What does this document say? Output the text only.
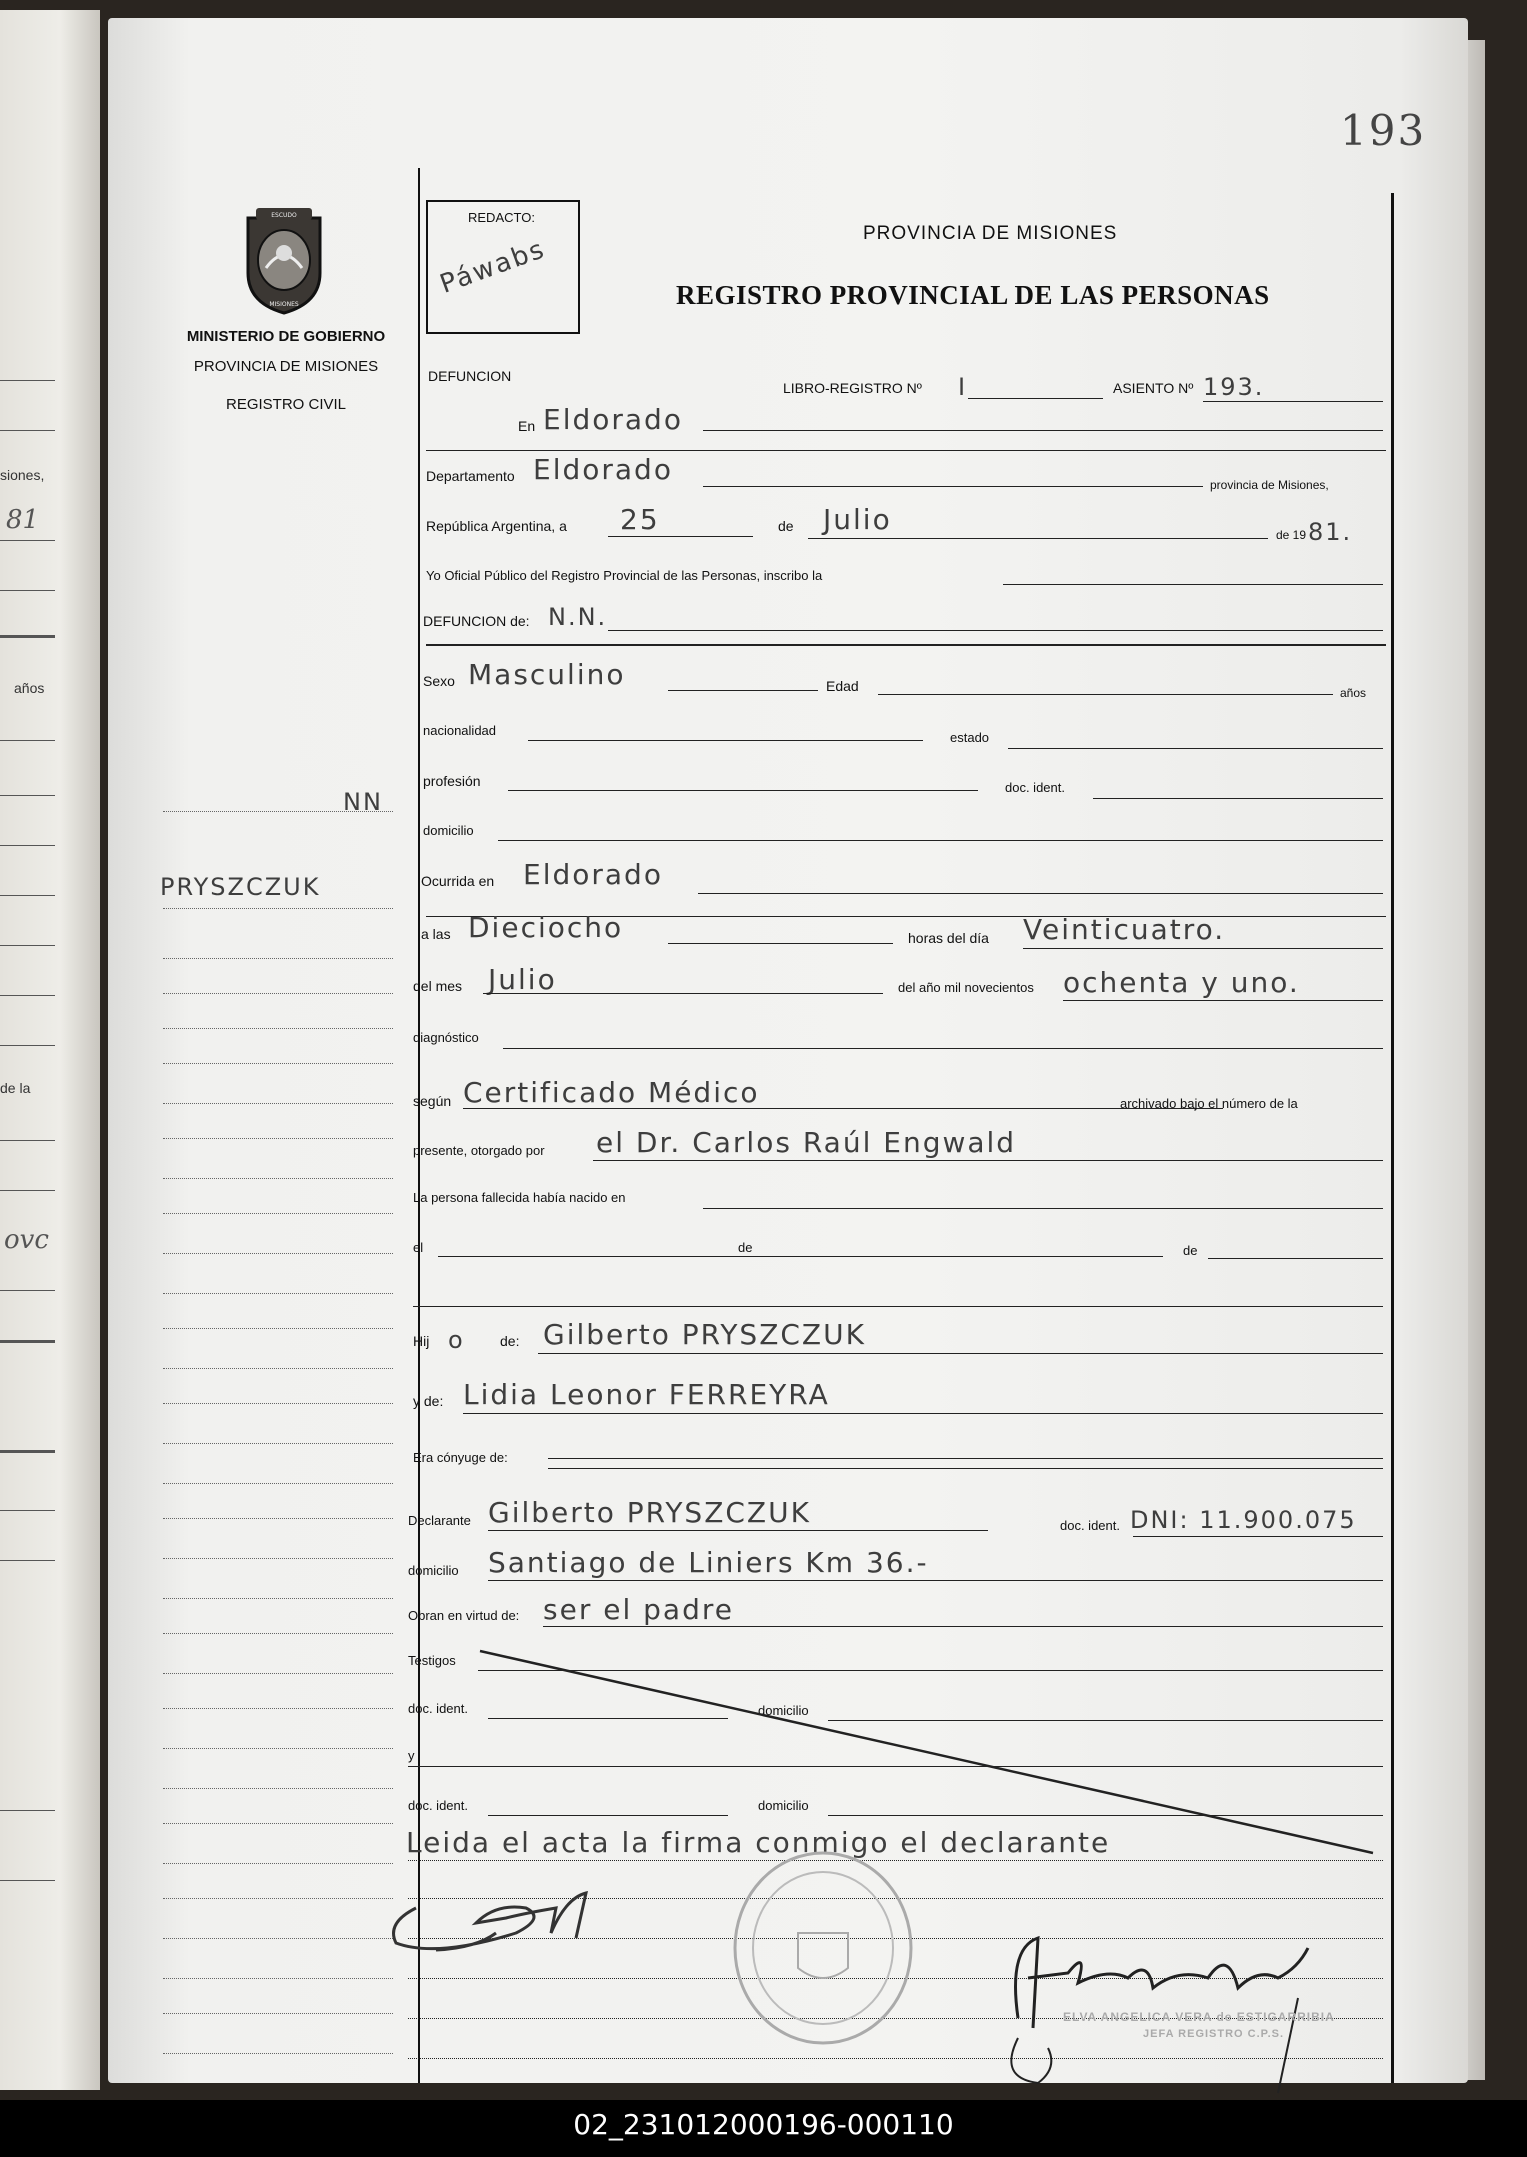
siones,
81
años
de la
ovc
193
ESCUDO
MISIONES
MINISTERIO DE GOBIERNO
PROVINCIA DE MISIONES
REGISTRO CIVIL
NN
PRYSZCZUK
REDACTO:
Páwabs
PROVINCIA DE MISIONES
REGISTRO PROVINCIAL DE LAS PERSONAS
DEFUNCION
LIBRO-REGISTRO Nº I	ASIENTO Nº 193.
En Eldorado
Departamento Eldorado	provincia de Misiones,
República Argentina, a 25	de Julio	de 19 81.
Yo Oficial Público del Registro Provincial de las Personas, inscribo la
DEFUNCION de: N.N.
Sexo Masculino	Edad	años
nacionalidad	estado
profesión	doc. ident.
domicilio
Ocurrida en Eldorado
a las Dieciocho	horas del día Veinticuatro.
del mes Julio	del año mil novecientos ochenta y uno.
diagnóstico
según Certificado Médico	archivado bajo el número de la
presente, otorgado por el Dr. Carlos Raúl Engwald
La persona fallecida había nacido en
el	de	de
Hij o	de: Gilberto PRYSZCZUK
y de: Lidia Leonor FERREYRA
Era cónyuge de:
Declarante Gilberto PRYSZCZUK	doc. ident. DNI: 11.900.075
domicilio Santiago de Liniers Km 36.-
Obran en virtud de: ser el padre
Testigos
doc. ident.	domicilio
y
doc. ident.	domicilio
Leida el acta la firma conmigo el declarante
ELVA ANGELICA VERA de ESTIGARRIBIA
JEFA REGISTRO C.P.S.
02_231012000196-000110
